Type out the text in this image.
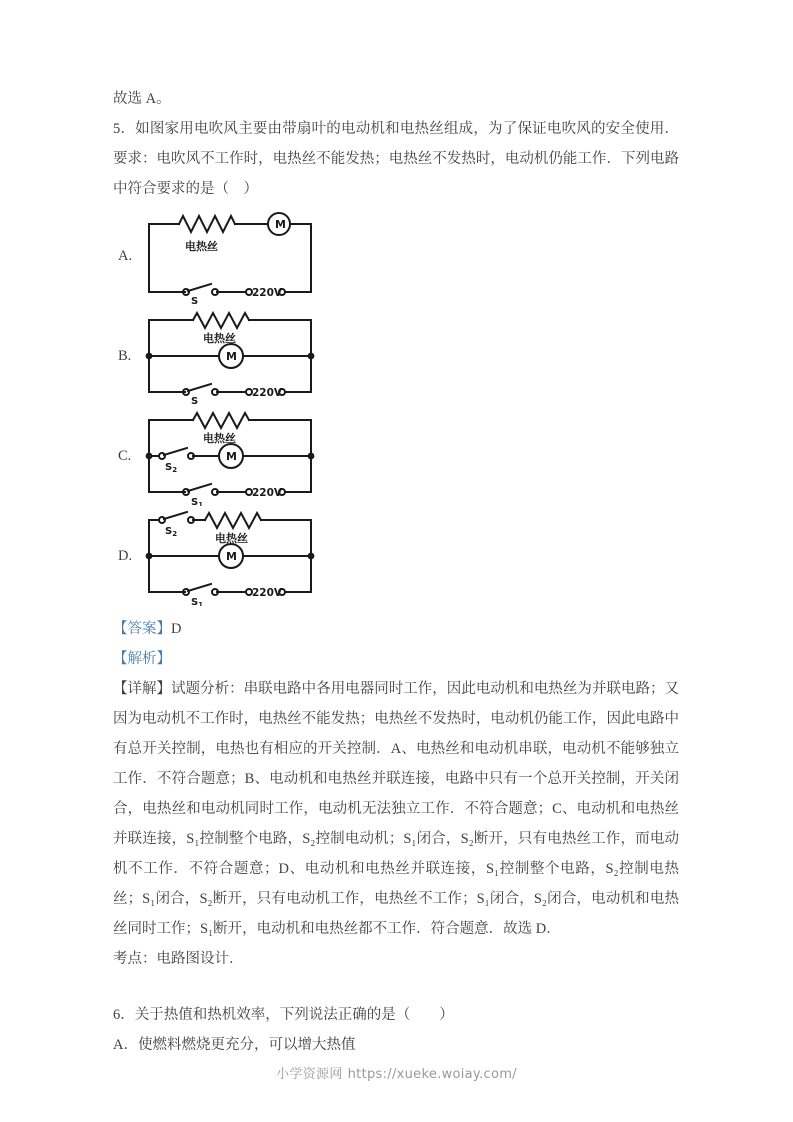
故选 A。

5．如图家用电吹风主要由带扇叶的电动机和电热丝组成，为了保证电吹风的安全使用．要求：电吹风不工作时，电热丝不能发热；电热丝不发热时，电动机仍能工作．下列电路中符合要求的是（　）

A.
电热丝
M
S
220V
B.
电热丝
M
S
220V
C.
电热丝
M
$S_2$
$S_1$
220V
D.
电热丝
M
$S_2$
$S_1$
220V

【答案】D

【解析】

【详解】试题分析：串联电路中各用电器同时工作，因此电动机和电热丝为并联电路；又因为电动机不工作时，电热丝不能发热；电热丝不发热时，电动机仍能工作，因此电路中有总开关控制，电热也有相应的开关控制．A、电热丝和电动机串联，电动机不能够独立工作．不符合题意；B、电动机和电热丝并联连接，电路中只有一个总开关控制，开关闭合，电热丝和电动机同时工作，电动机无法独立工作．不符合题意；C、电动机和电热丝并联连接，S₁控制整个电路，S₂控制电动机；S₁闭合，S₂断开，只有电热丝工作，而电动机不工作．不符合题意；D、电动机和电热丝并联连接，S₁控制整个电路，S₂控制电热丝；S₁闭合，S₂断开，只有电动机工作，电热丝不工作；S₁闭合，S₂闭合，电动机和电热丝同时工作；S₁断开，电动机和电热丝都不工作．符合题意．故选 D．

考点：电路图设计．

6．关于热值和热机效率，下列说法正确的是（　　）

A．使燃料燃烧更充分，可以增大热值

小学资源网 https://xueke.woiay.com/
